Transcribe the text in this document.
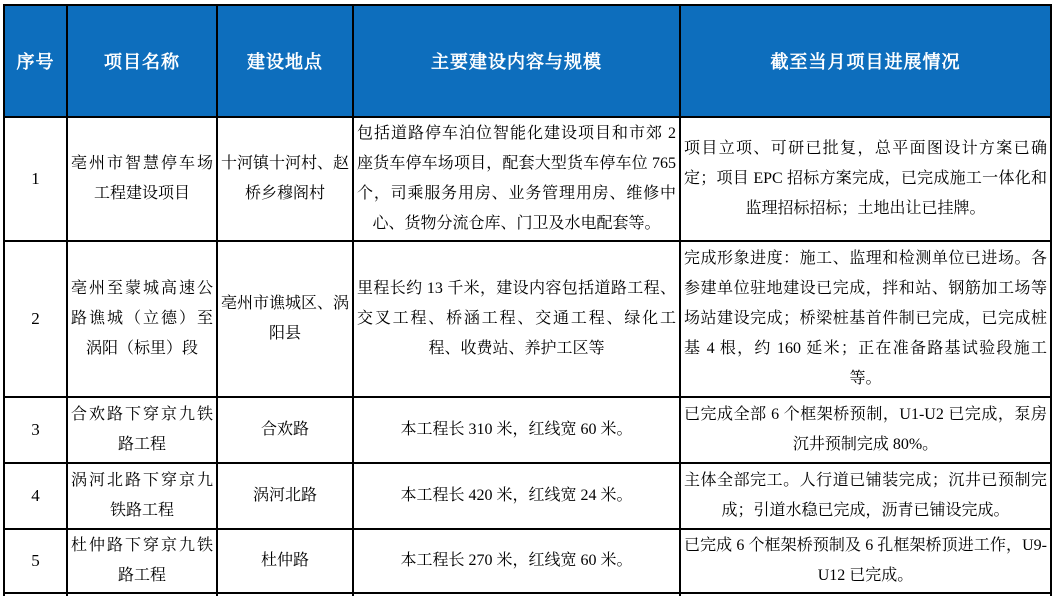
序号	项目名称	建设地点	主要建设内容与规模	截至当月项目进展情况
1	亳州市智慧停车场工程建设项目	十河镇十河村、赵桥乡穆阁村	包括道路停车泊位智能化建设项目和市郊 2 座货车停车场项目，配套大型货车停车位 765 个，司乘服务用房、业务管理用房、维修中心、货物分流仓库、门卫及水电配套等。	项目立项、可研已批复，总平面图设计方案已确定；项目 EPC 招标方案完成，已完成施工一体化和监理招标招标；土地出让已挂牌。
2	亳州至蒙城高速公路谯城（立德）至涡阳（标里）段	亳州市谯城区、涡阳县	里程长约 13 千米，建设内容包括道路工程、交叉工程、桥涵工程、交通工程、绿化工程、收费站、养护工区等	完成形象进度：施工、监理和检测单位已进场。各参建单位驻地建设已完成，拌和站、钢筋加工场等场站建设完成；桥梁桩基首件制已完成，已完成桩基 4 根，约 160 延米；正在准备路基试验段施工等。
3	合欢路下穿京九铁路工程	合欢路	本工程长 310 米，红线宽 60 米。	已完成全部 6 个框架桥预制，U1-U2 已完成，泵房沉井预制完成 80%。
4	涡河北路下穿京九铁路工程	涡河北路	本工程长 420 米，红线宽 24 米。	主体全部完工。人行道已铺装完成；沉井已预制完成；引道水稳已完成，沥青已铺设完成。
5	杜仲路下穿京九铁路工程	杜仲路	本工程长 270 米，红线宽 60 米。	已完成 6 个框架桥预制及 6 孔框架桥顶进工作，U9-U12 已完成。
